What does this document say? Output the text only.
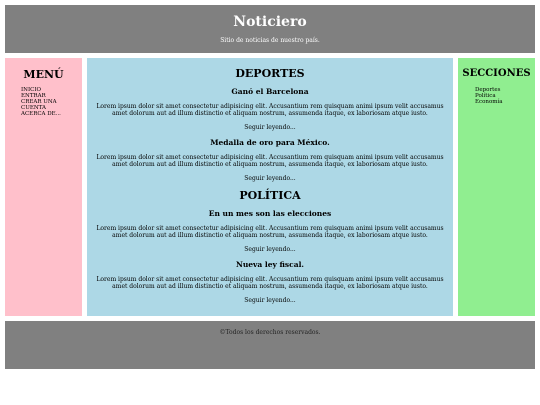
Noticiero

Sitio de noticias de nuestro país.

MENÚ
INICIO
ENTRAR
CREAR UNA CUENTA
ACERCA DE...
DEPORTES
Ganó el Barcelona

Lorem ipsum dolor sit amet consectetur adipisicing elit. Accusantium rem quisquam animi ipsum velit accusamus amet dolorum aut ad illum distinctio et aliquam nostrum, assumenda itaque, ex laboriosam atque iusto.

Seguir leyendo...
Medalla de oro para México.

Lorem ipsum dolor sit amet consectetur adipisicing elit. Accusantium rem quisquam animi ipsum velit accusamus amet dolorum aut ad illum distinctio et aliquam nostrum, assumenda itaque, ex laboriosam atque iusto.

Seguir leyendo...
POLÍTICA
En un mes son las elecciones

Lorem ipsum dolor sit amet consectetur adipisicing elit. Accusantium rem quisquam animi ipsum velit accusamus amet dolorum aut ad illum distinctio et aliquam nostrum, assumenda itaque, ex laboriosam atque iusto.

Seguir leyendo...
Nueva ley fiscal.

Lorem ipsum dolor sit amet consectetur adipisicing elit. Accusantium rem quisquam animi ipsum velit accusamus amet dolorum aut ad illum distinctio et aliquam nostrum, assumenda itaque, ex laboriosam atque iusto.

Seguir leyendo...
SECCIONES
Deportes
Política
Economía

©Todos los derechos reservados.
